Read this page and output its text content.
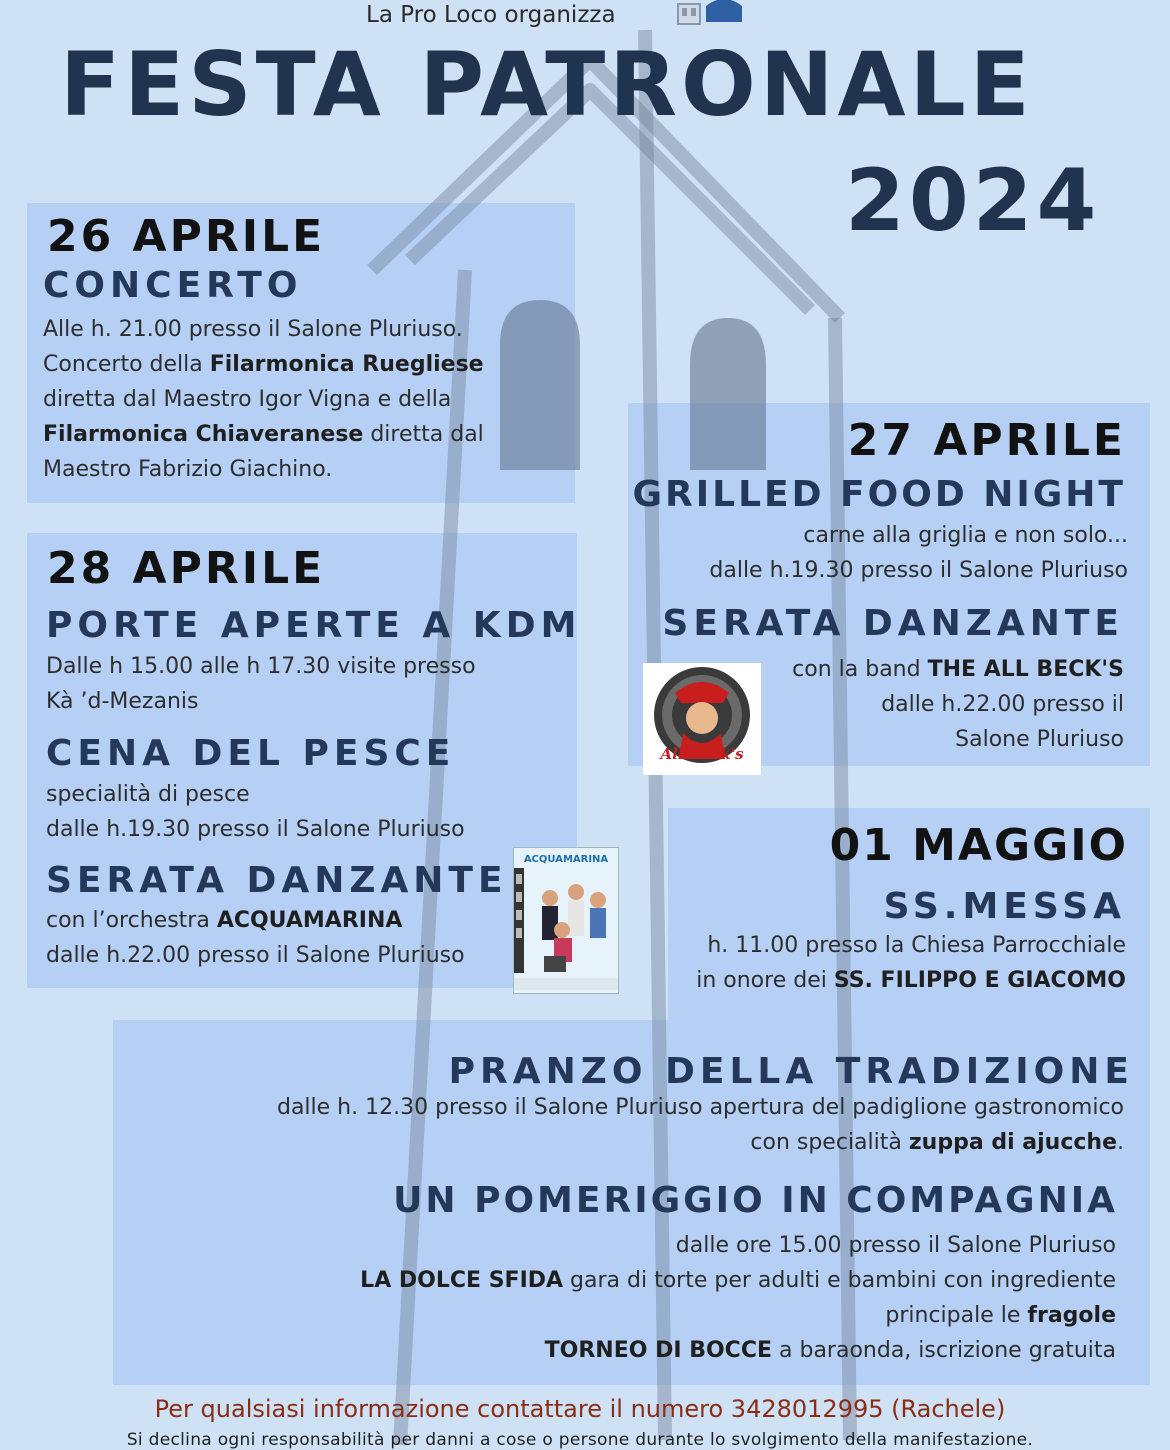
La Pro Loco organizza
FESTA PATRONALE
2024
26 APRILE
CONCERTO
Alle h. 21.00 presso il Salone Pluriuso.
Concerto della Filarmonica Ruegliese
diretta dal Maestro Igor Vigna e della
Filarmonica Chiaveranese diretta dal
Maestro Fabrizio Giachino.
27 APRILE
GRILLED FOOD NIGHT
carne alla griglia e non solo...
dalle h.19.30 presso il Salone Pluriuso
SERATA DANZANTE
con la band THE ALL BECK'S
dalle h.22.00 presso il
Salone Pluriuso
All Beck's
28 APRILE
PORTE APERTE A KDM
Dalle h 15.00 alle h 17.30 visite presso
Kà ’d-Mezanis
CENA DEL PESCE
specialità di pesce
dalle h.19.30 presso il Salone Pluriuso
SERATA DANZANTE
con l’orchestra ACQUAMARINA
dalle h.22.00 presso il Salone Pluriuso
ACQUAMARINA	01 MAGGIO
SS.MESSA
h. 11.00 presso la Chiesa Parrocchiale
in onore dei SS. FILIPPO E GIACOMO
PRANZO DELLA TRADIZIONE
dalle h. 12.30 presso il Salone Pluriuso apertura del padiglione gastronomico
con specialità zuppa di ajucche.
UN POMERIGGIO IN COMPAGNIA
dalle ore 15.00 presso il Salone Pluriuso
LA DOLCE SFIDA gara di torte per adulti e bambini con ingrediente
principale le fragole
TORNEO DI BOCCE a baraonda, iscrizione gratuita
Per qualsiasi informazione contattare il numero 3428012995 (Rachele)
Si declina ogni responsabilità per danni a cose o persone durante lo svolgimento della manifestazione.
